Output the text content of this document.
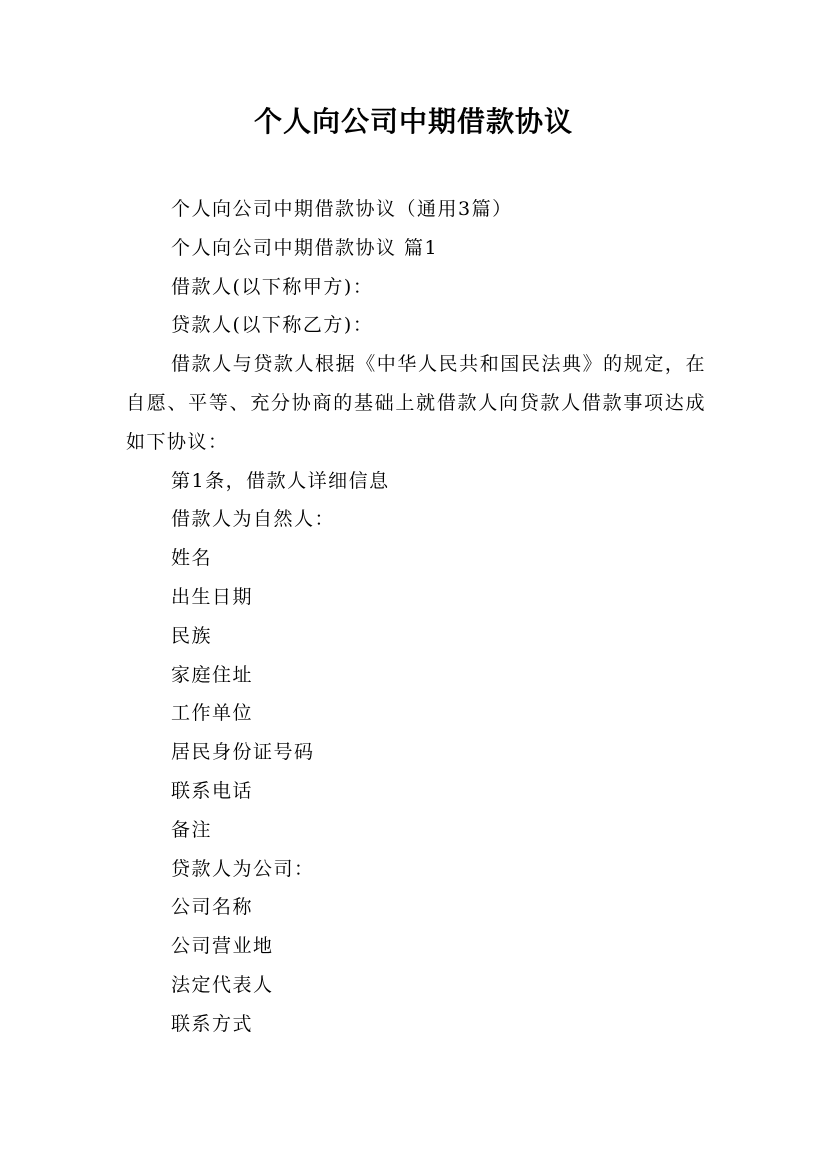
个人向公司中期借款协议

个人向公司中期借款协议（通用3篇）

个人向公司中期借款协议 篇1

借款人(以下称甲方)：

贷款人(以下称乙方)：

借款人与贷款人根据《中华人民共和国民法典》的规定，在自愿、平等、充分协商的基础上就借款人向贷款人借款事项达成如下协议：

第1条，借款人详细信息

借款人为自然人：

姓名

出生日期

民族

家庭住址

工作单位

居民身份证号码

联系电话

备注

贷款人为公司：

公司名称

公司营业地

法定代表人

联系方式
